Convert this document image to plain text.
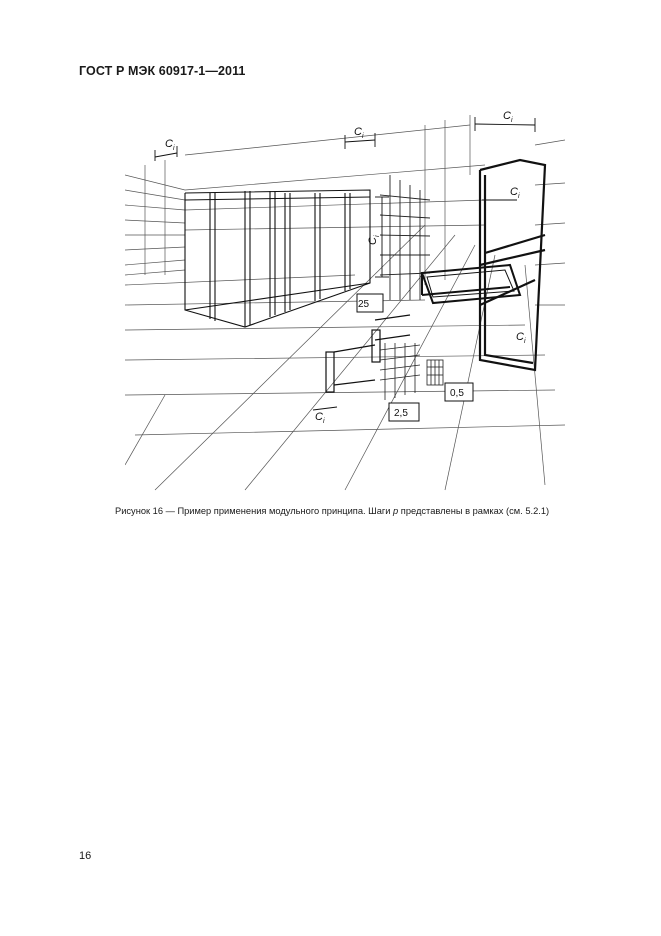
ГОСТ Р МЭК 60917-1—2011
25
2,5
0,5
$C_i$
$C_i$
$C_i$
$C_i$
$C_i$
$C_i$
$C_i$
Рисунок 16 — Пример применения модульного принципа. Шаги p представлены в рамках (см. 5.2.1)
16
